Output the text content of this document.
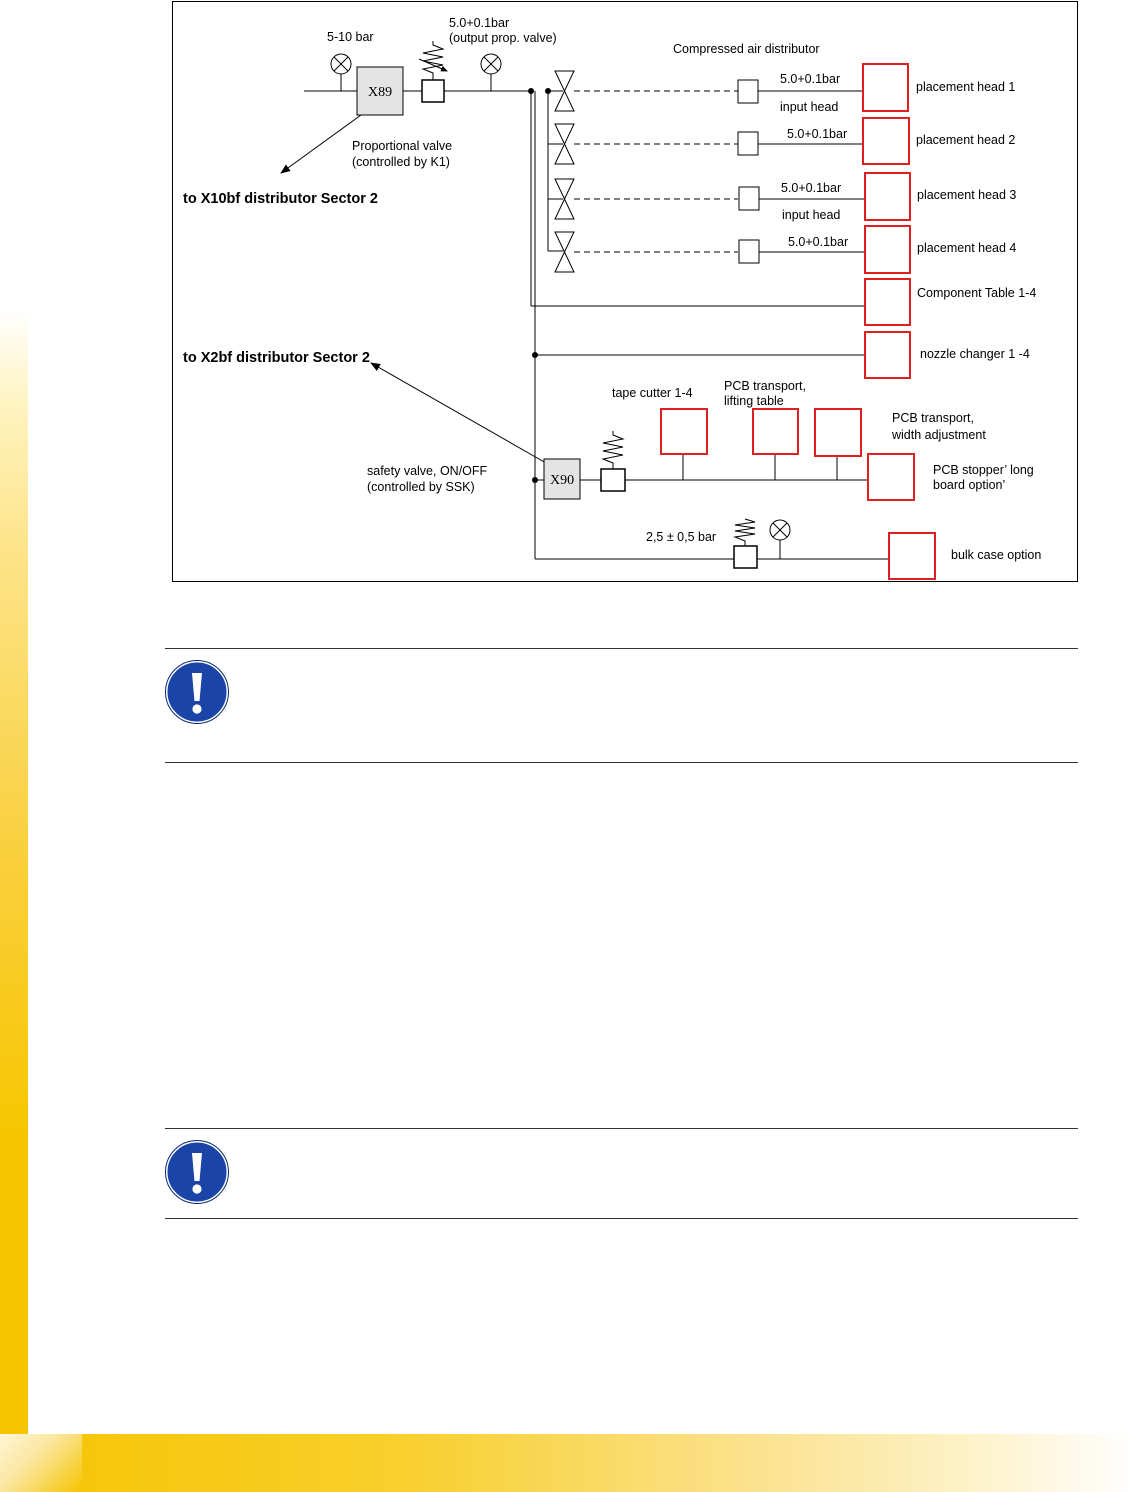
5-10 bar
5.0+0.1bar
(output prop. valve)
Compressed air distributor
X89
X90
Proportional valve
(controlled by K1)
to X10bf distributor Sector 2
to X2bf distributor Sector 2
safety valve, ON/OFF
(controlled by SSK)
5.0+0.1bar
input head
5.0+0.1bar
5.0+0.1bar
input head
5.0+0.1bar
placement head 1
placement head 2
placement head 3
placement head 4
Component Table 1-4
nozzle changer 1 -4
tape cutter 1-4	PCB transport,
lifting table
PCB transport,
width adjustment
PCB stopper’ long
board option’
2,5 ± 0,5 bar
bulk case option
